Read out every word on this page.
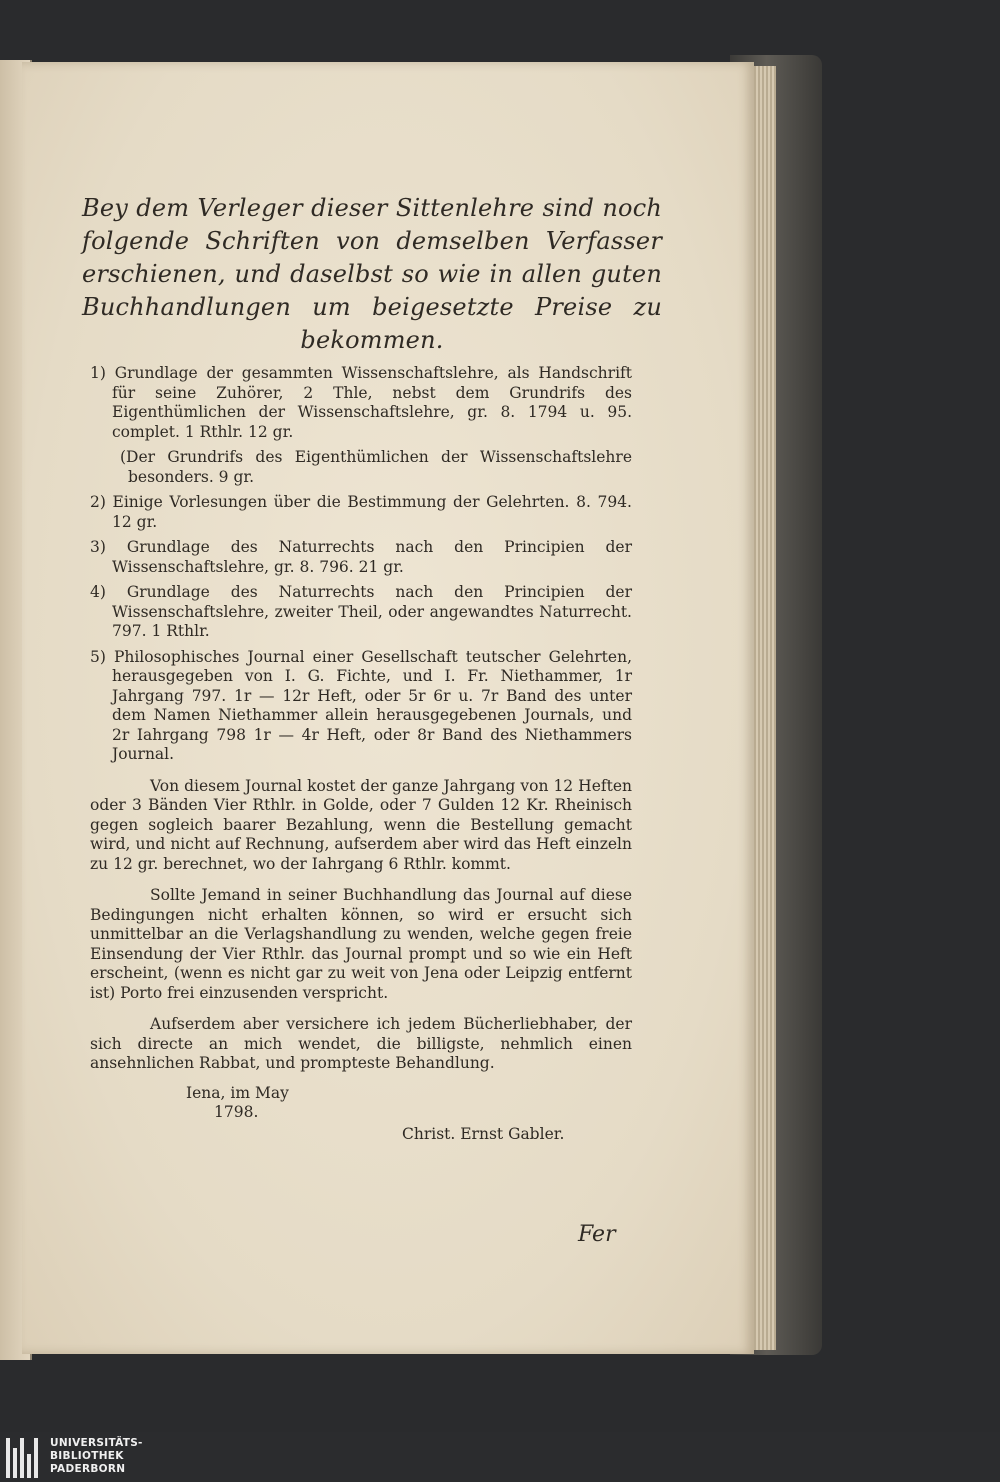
Bey dem Verleger dieser Sittenlehre sind noch folgende Schriften von demselben Verfasser erschienen, und daselbst so wie in allen guten Buchhandlungen um beigesetzte Preise zu bekommen.
1) Grundlage der gesammten Wissenschaftslehre, als Handschrift für seine Zuhörer, 2 Thle, nebst dem Grundrifs des Eigenthümlichen der Wissenschaftslehre, gr. 8. 1794 u. 95. complet. 1 Rthlr. 12 gr.
(Der Grundrifs des Eigenthümlichen der Wissenschaftslehre besonders. 9 gr.
2) Einige Vorlesungen über die Bestimmung der Gelehrten. 8. 794. 12 gr.
3) Grundlage des Naturrechts nach den Principien der Wissenschaftslehre, gr. 8. 796. 21 gr.
4) Grundlage des Naturrechts nach den Principien der Wissenschaftslehre, zweiter Theil, oder angewandtes Naturrecht. 797. 1 Rthlr.
5) Philosophisches Journal einer Gesellschaft teutscher Gelehrten, herausgegeben von I. G. Fichte, und I. Fr. Niethammer, 1r Jahrgang 797. 1r — 12r Heft, oder 5r 6r u. 7r Band des unter dem Namen Niethammer allein herausgegebenen Journals, und 2r Iahrgang 798 1r — 4r Heft, oder 8r Band des Niethammers Journal.
Von diesem Journal kostet der ganze Jahrgang von 12 Heften oder 3 Bänden Vier Rthlr. in Golde, oder 7 Gulden 12 Kr. Rheinisch gegen sogleich baarer Bezahlung, wenn die Bestellung gemacht wird, und nicht auf Rechnung, aufserdem aber wird das Heft einzeln zu 12 gr. berechnet, wo der Iahrgang 6 Rthlr. kommt.
Sollte Jemand in seiner Buchhandlung das Journal auf diese Bedingungen nicht erhalten können, so wird er ersucht sich unmittelbar an die Verlagshandlung zu wenden, welche gegen freie Einsendung der Vier Rthlr. das Journal prompt und so wie ein Heft erscheint, (wenn es nicht gar zu weit von Jena oder Leipzig entfernt ist) Porto frei einzusenden verspricht.
Aufserdem aber versichere ich jedem Bücherliebhaber, der sich directe an mich wendet, die billigste, nehmlich einen ansehnlichen Rabbat, und prompteste Behandlung.
Iena, im May
1798.
Christ. Ernst Gabler.
Fer
UNIVERSITÄTS-
BIBLIOTHEK
PADERBORN
